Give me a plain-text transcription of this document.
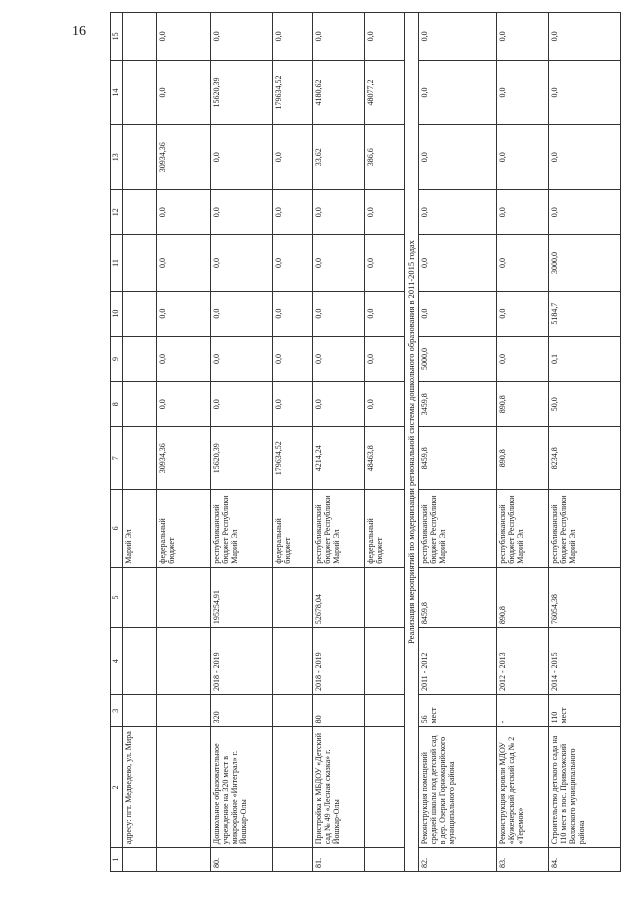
16
1	2	3	4	5	6	7	8	9	10	11	12	13	14	15
	адресу: пгт. Медведево, ул. Мира				Марий Эл									
					федеральный бюджет	30934,36	0,0	0,0	0,0	0,0	0,0	30934,36	0,0	0,0
80.	Дошкольное образовательное учреждение на 320 мест в микрорайоне «Интеграл» г. Йошкар-Олы	320	2018 - 2019	195254,91	республиканский бюджет Республики Марий Эл	15620,39	0,0	0,0	0,0	0,0	0,0	0,0	15620,39	0,0
					федеральный бюджет	179634,52	0,0	0,0	0,0	0,0	0,0	0,0	179634,52	0,0
81.	Пристройка к МБДОУ «Детский сад № 49 «Лесная сказка» г. Йошкар-Олы	80	2018 - 2019	52678,04	республиканский бюджет Республики Марий Эл	4214,24	0,0	0,0	0,0	0,0	0,0	33,62	4180,62	0,0
					федеральный бюджет	48463,8	0,0	0,0	0,0	0,0	0,0	386,6	48077,2	0,0
Реализация мероприятий по модернизации региональной системы дошкольного образования в 2011-2015 годах														
82.	Реконструкция помещений средней школы под детский сад в дер. Озерки Горномарийского муниципального района	56 мест	2011 - 2012	8459,8	республиканский бюджет Республики Марий Эл	8459,8	3459,8	5000,0	0,0	0,0	0,0	0,0	0,0	0,0
83.	Реконструкция кровли МДОУ «Куженерский детский сад № 2 «Теремок»	-	2012 - 2013	890,8	республиканский бюджет Республики Марий Эл	890,8	890,8	0,0	0,0	0,0	0,0	0,0	0,0	0,0
84.	Строительство детского сада на 110 мест в пос. Приволжский Волжского муниципального района	110 мест	2014 - 2015	76054,38	республиканский бюджет Республики Марий Эл	8234,8	50,0	0,1	5184,7	3000,0	0,0	0,0	0,0	0,0
